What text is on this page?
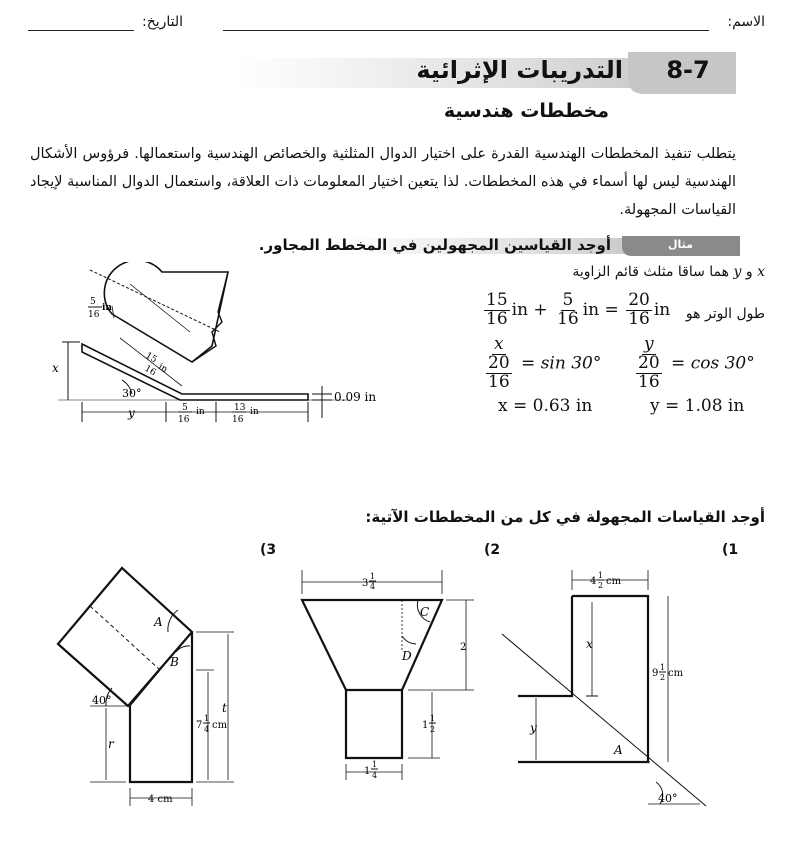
الاسم:
التاريخ:
8-7
التدريبات الإثرائية
مخططات هندسية
يتطلب تنفيذ المخططات الهندسية القدرة على اختيار الدوال المثلثية والخصائص الهندسية واستعمالها. فرؤوس الأشكال الهندسية ليس لها أسماء في هذه المخططات. لذا يتعين اختيار المعلومات ذات العلاقة، واستعمال الدوال المناسبة لإيجاد القياسات المجهولة.
مثال
أوجد القياسين المجهولين في المخطط المجاور.
x و y هما ساقا مثلث قائم الزاوية
$\frac{15}{16}$ in + $\frac{5}{16}$ in = $\frac{20}{16}$ in طول الوتر هو
$\frac{x}{\frac{20}{16}} = \sin 30^\circ \frac{y}{\frac{20}{16}} = \cos 30^\circ$
x = 0.63 in	y = 1.08 in
x
30°
y
0.09 in
5
16
in
15
16 in
5
16
in	13
16
in
أوجد القياسات المجهولة في كل من المخططات الآتية:
(1
(2
(3
x
y
A
40°
4
1
2 cm
9
1
2 cm
C
D
3
1
4
2
1
1
2
1
1
4
A
B
40°
r
t
7
1
4 cm
4 cm
